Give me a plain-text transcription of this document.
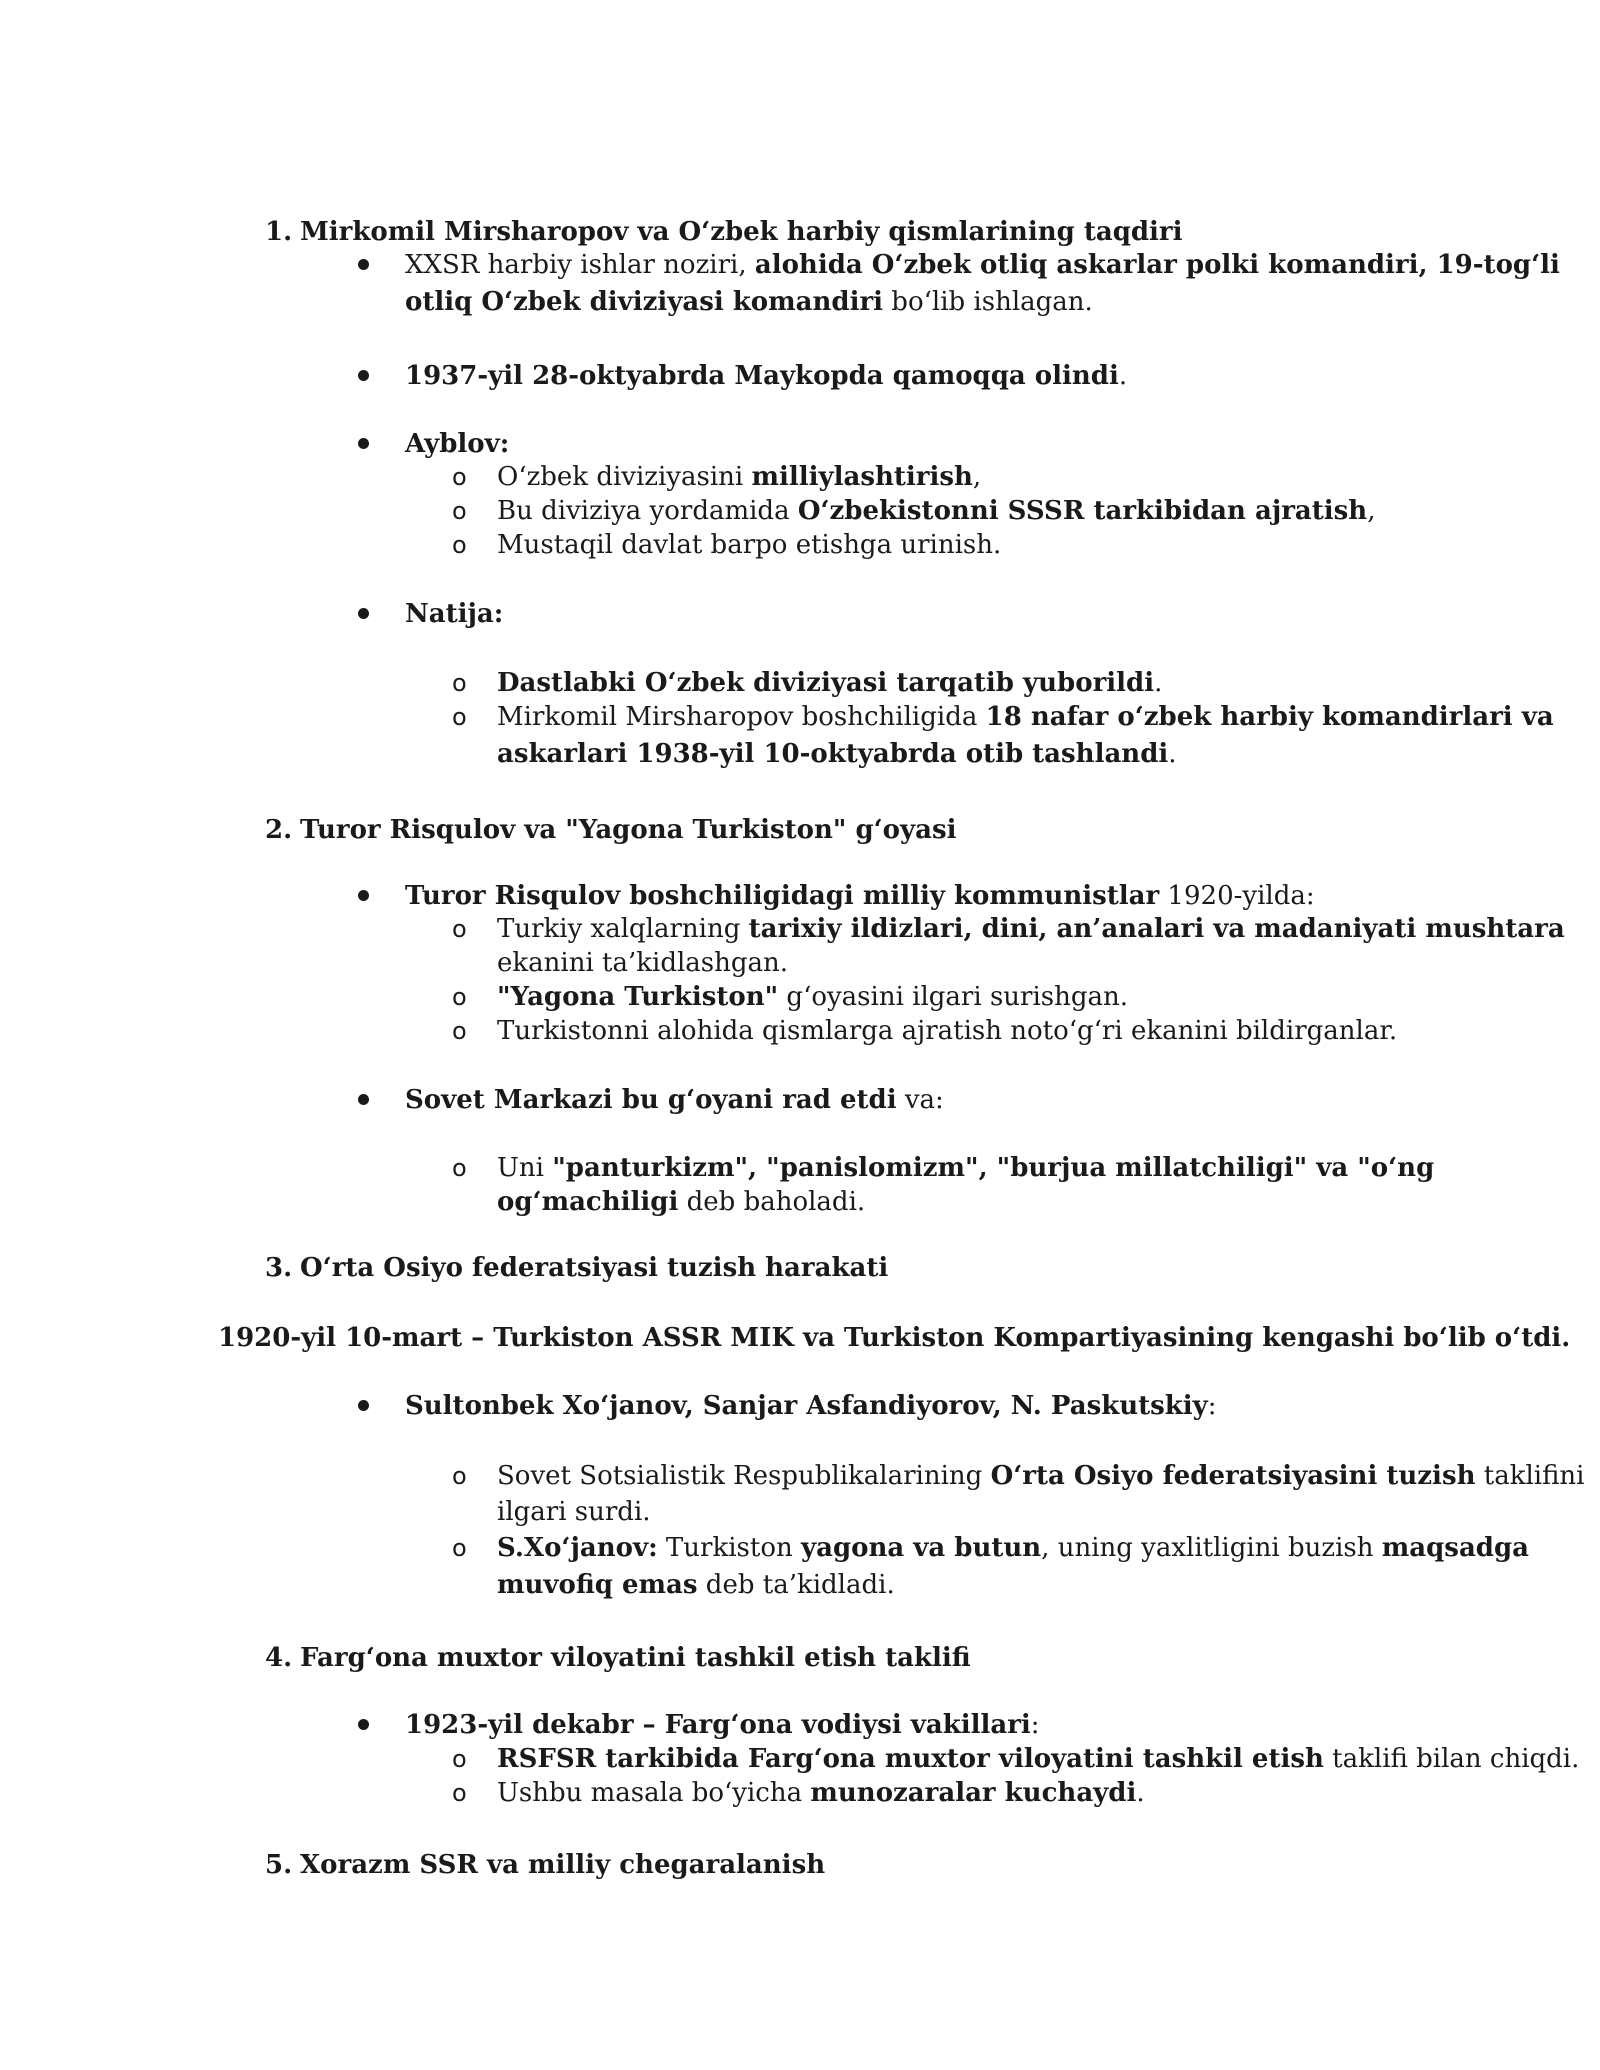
1. Mirkomil Mirsharopov va O‘zbek harbiy qismlarining taqdiri
XXSR harbiy ishlar noziri, alohida O‘zbek otliq askarlar polki komandiri, 19-tog‘li
otliq O‘zbek diviziyasi komandiri bo‘lib ishlagan.
1937-yil 28-oktyabrda Maykopda qamoqqa olindi.
Ayblov:
o O‘zbek diviziyasini milliylashtirish,
o Bu diviziya yordamida O‘zbekistonni SSSR tarkibidan ajratish,
o Mustaqil davlat barpo etishga urinish.
Natija:
o Dastlabki O‘zbek diviziyasi tarqatib yuborildi.
o Mirkomil Mirsharopov boshchiligida 18 nafar o‘zbek harbiy komandirlari va
askarlari 1938-yil 10-oktyabrda otib tashlandi.
2. Turor Risqulov va "Yagona Turkiston" g‘oyasi
Turor Risqulov boshchiligidagi milliy kommunistlar 1920-yilda:
o Turkiy xalqlarning tarixiy ildizlari, dini, an’analari va madaniyati mushtara
ekanini ta’kidlashgan.
o "Yagona Turkiston" g‘oyasini ilgari surishgan.
o Turkistonni alohida qismlarga ajratish noto‘g‘ri ekanini bildirganlar.
Sovet Markazi bu g‘oyani rad etdi va:
o Uni "panturkizm", "panislomizm", "burjua millatchiligi" va "o‘ng
og‘machiligi deb baholadi.
3. O‘rta Osiyo federatsiyasi tuzish harakati
1920-yil 10-mart – Turkiston ASSR MIK va Turkiston Kompartiyasining kengashi bo‘lib o‘tdi.
Sultonbek Xo‘janov, Sanjar Asfandiyorov, N. Paskutskiy:
o Sovet Sotsialistik Respublikalarining O‘rta Osiyo federatsiyasini tuzish taklifini
ilgari surdi.
o S.Xo‘janov: Turkiston yagona va butun, uning yaxlitligini buzish maqsadga
muvofiq emas deb ta’kidladi.
4. Farg‘ona muxtor viloyatini tashkil etish taklifi
1923-yil dekabr – Farg‘ona vodiysi vakillari:
o RSFSR tarkibida Farg‘ona muxtor viloyatini tashkil etish taklifi bilan chiqdi.
o Ushbu masala bo‘yicha munozaralar kuchaydi.
5. Xorazm SSR va milliy chegaralanish
